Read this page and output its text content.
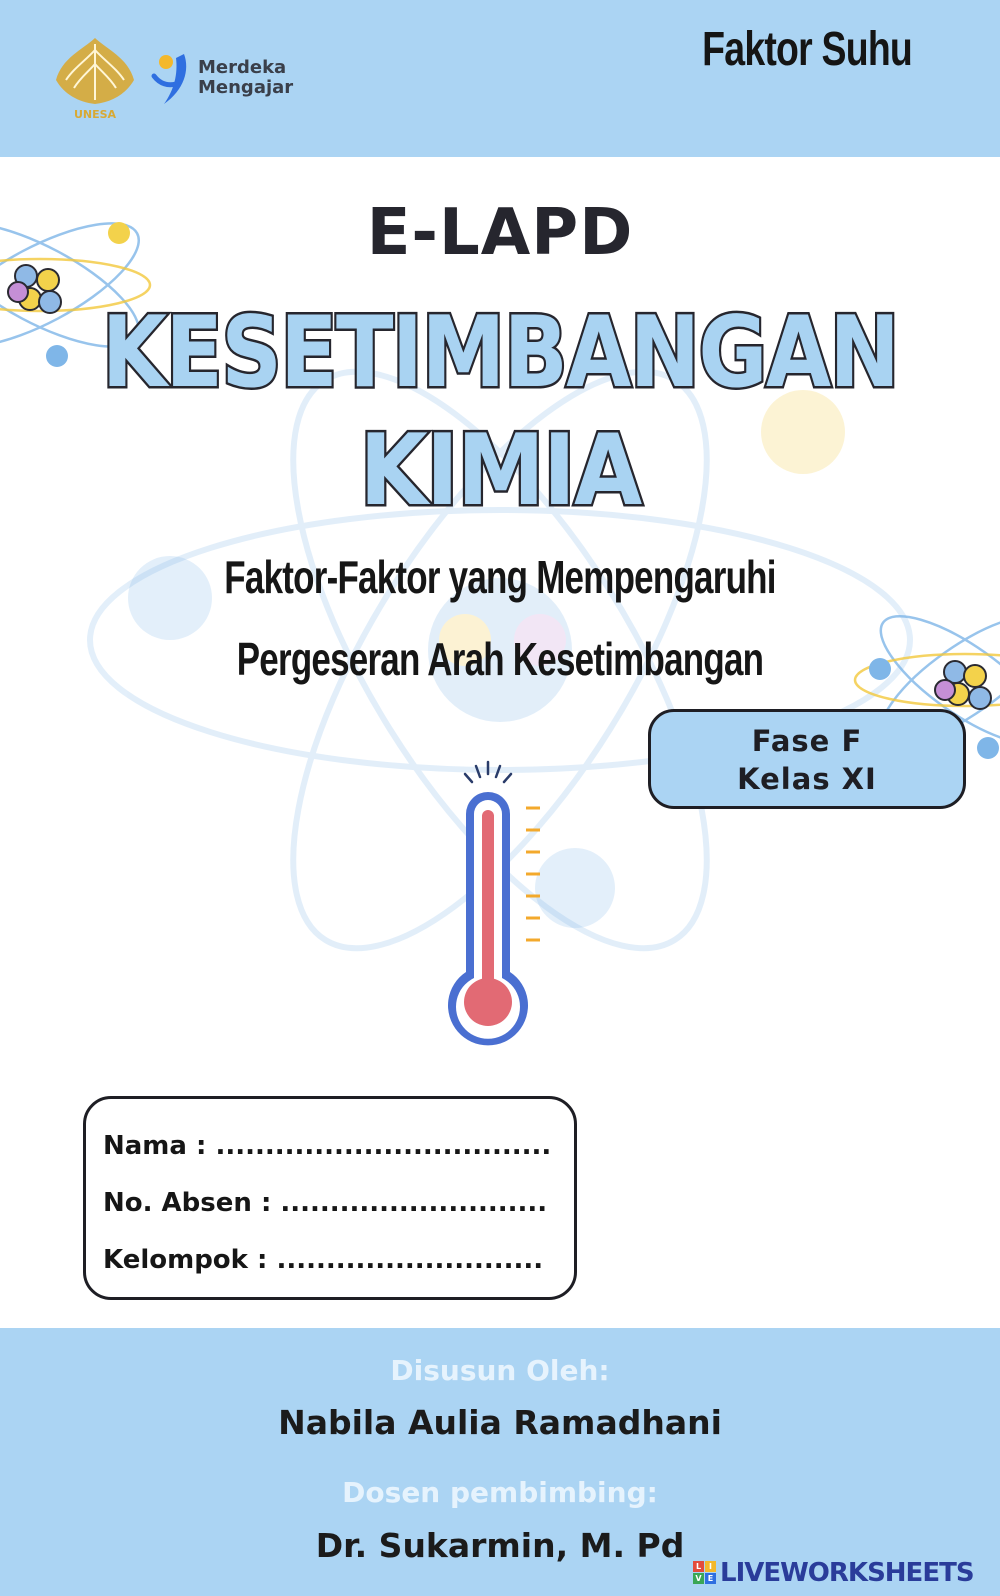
UNESA
Merdeka
Mengajar
Faktor Suhu
E-LAPD
KESETIMBANGAN
KIMIA
Faktor-Faktor yang Mempengaruhi
Pergeseran Arah Kesetimbangan
Fase F
Kelas XI
Nama : ..................................
No. Absen : ...........................
Kelompok : ...........................
Disusun Oleh:
Nabila Aulia Ramadhani
Dosen pembimbing:
Dr. Sukarmin, M. Pd
L I
V E LIVEWORKSHEETS
